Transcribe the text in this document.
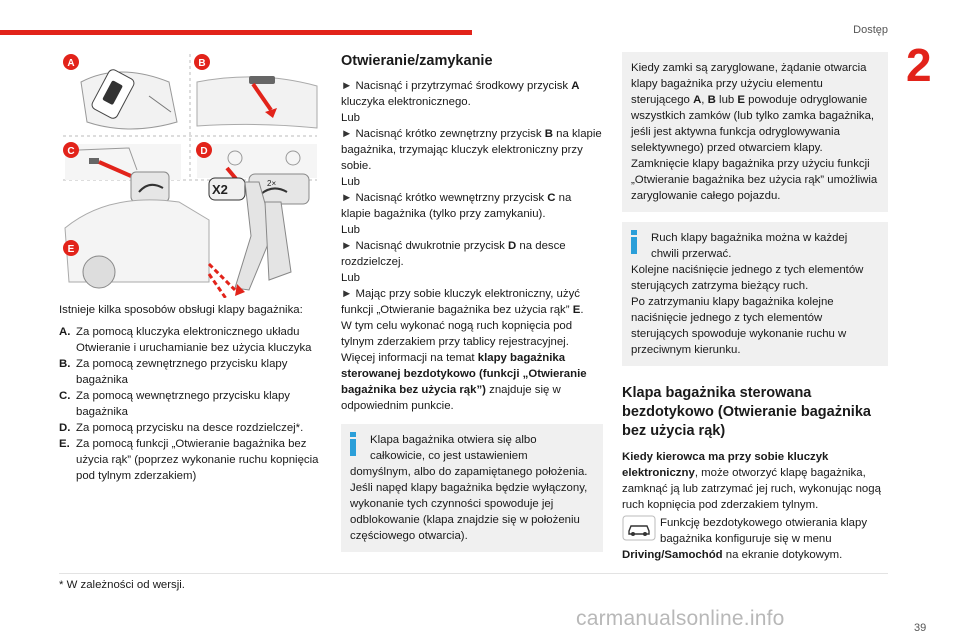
Dostęp
2
X2	2×
A	B
C	D
E

Istnieje kilka sposobów obsługi klapy bagażnika:

A. Za pomocą kluczyka elektronicznego układu Otwieranie i uruchamianie bez użycia kluczyka
B. Za pomocą zewnętrznego przycisku klapy bagażnika
C. Za pomocą wewnętrznego przycisku klapy bagażnika
D. Za pomocą przycisku na desce rozdzielczej*.
E. Za pomocą funkcji „Otwieranie bagażnika bez użycia rąk” (poprzez wykonanie ruchu kopnięcia pod tylnym zderzakiem)
Otwieranie/zamykanie

► Nacisnąć i przytrzymać środkowy przycisk A kluczyka elektronicznego.

Lub

► Nacisnąć krótko zewnętrzny przycisk B na klapie bagażnika, trzymając kluczyk elektroniczny przy sobie.

Lub

► Nacisnąć krótko wewnętrzny przycisk C na klapie bagażnika (tylko przy zamykaniu).

Lub

► Nacisnąć dwukrotnie przycisk D na desce rozdzielczej.

Lub

► Mając przy sobie kluczyk elektroniczny, użyć funkcji „Otwieranie bagażnika bez użycia rąk” E.

W tym celu wykonać nogą ruch kopnięcia pod tylnym zderzakiem przy tablicy rejestracyjnej. Więcej informacji na temat klapy bagażnika sterowanej bezdotykowo (funkcji „Otwieranie bagażnika bez użycia rąk”) znajduje się w odpowiednim punkcie.

Klapa bagażnika otwiera się albo całkowicie, co jest ustawieniem

domyślnym, albo do zapamiętanego położenia.

Jeśli napęd klapy bagażnika będzie wyłączony, wykonanie tych czynności spowoduje jej odblokowanie (klapa znajdzie się w położeniu częściowego otwarcia).

Kiedy zamki są zaryglowane, żądanie otwarcia klapy bagażnika przy użyciu elementu sterującego A, B lub E powoduje odryglowanie wszystkich zamków (lub tylko zamka bagażnika, jeśli jest aktywna funkcja odryglowywania selektywnego) przed otwarciem klapy.

Zamknięcie klapy bagażnika przy użyciu funkcji „Otwieranie bagażnika bez użycia rąk” umożliwia zaryglowanie całego pojazdu.

Ruch klapy bagażnika można w każdej

chwili przerwać.

Kolejne naciśnięcie jednego z tych elementów sterujących zatrzyma bieżący ruch.

Po zatrzymaniu klapy bagażnika kolejne naciśnięcie jednego z tych elementów sterujących spowoduje wykonanie ruchu w przeciwnym kierunku.

Klapa bagażnika sterowana bezdotykowo (Otwieranie bagażnika bez użycia rąk)

Kiedy kierowca ma przy sobie kluczyk elektroniczny, może otworzyć klapę bagażnika, zamknąć ją lub zatrzymać jej ruch, wykonując nogą ruch kopnięcia pod zderzakiem tylnym.

Funkcję bezdotykowego otwierania klapy bagażnika konfiguruje się w menu Driving/Samochód na ekranie dotykowym.

* W zależności od wersji.
carmanualsonline.info	39
